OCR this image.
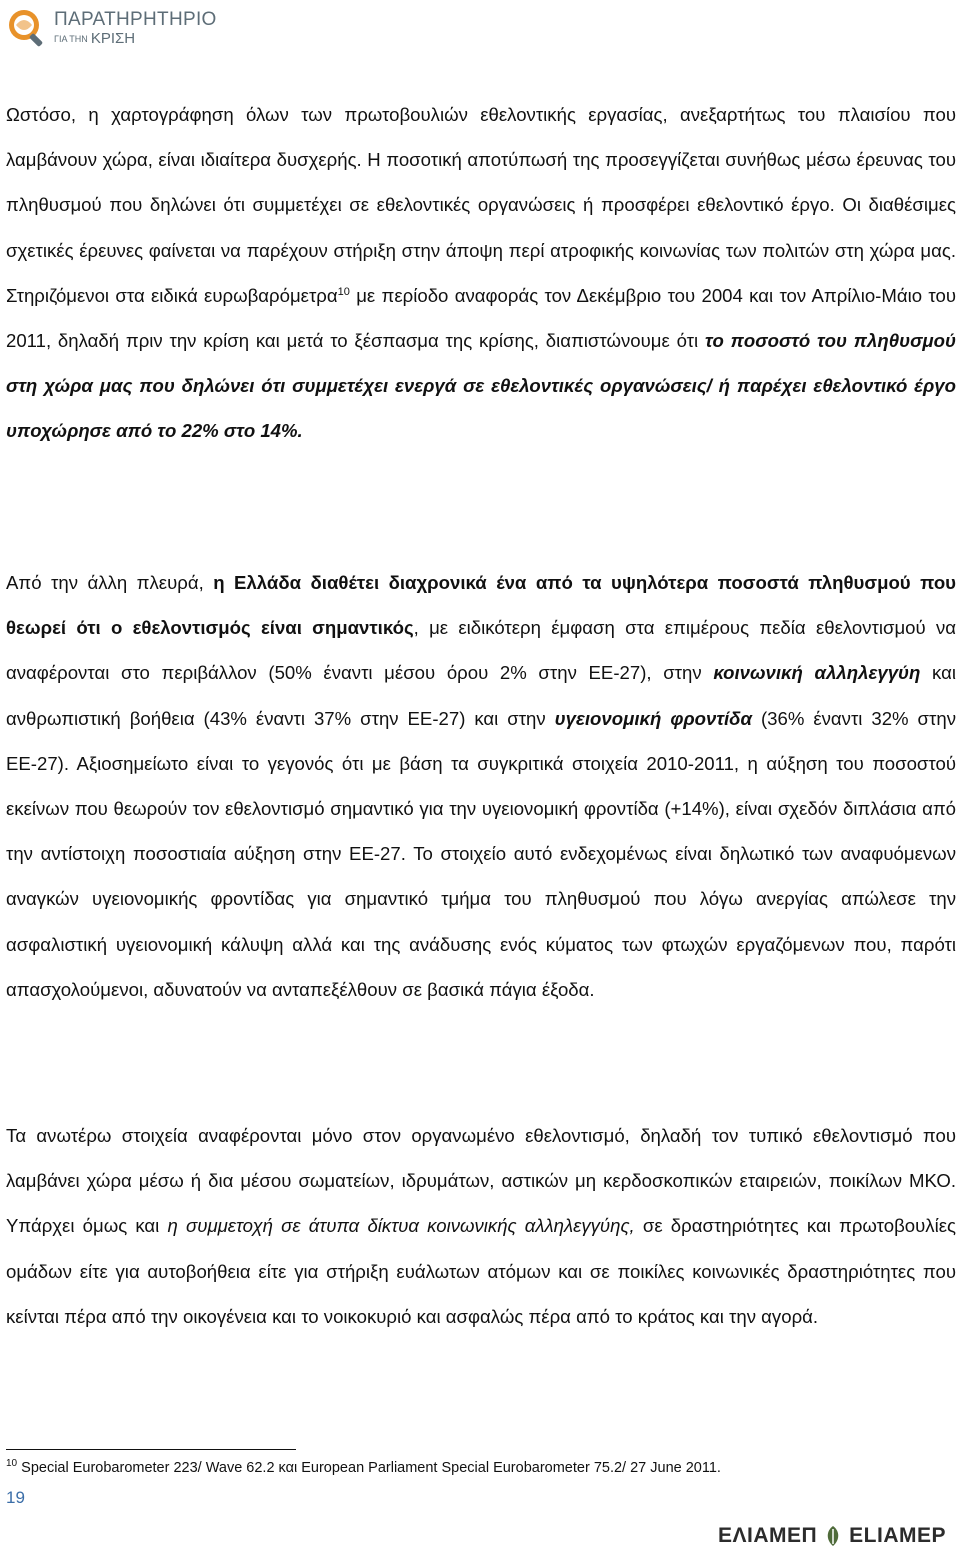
ΠΑΡΑΤΗΡΗΤΗΡΙΟ
ΓΙΑ ΤΗΝ ΚΡΙΣΗ

Ωστόσο, η χαρτογράφηση όλων των πρωτοβουλιών εθελοντικής εργασίας, ανεξαρτήτως του πλαισίου που λαμβάνουν χώρα, είναι ιδιαίτερα δυσχερής. Η ποσοτική αποτύπωσή της προσεγγίζεται συνήθως μέσω έρευνας του πληθυσμού που δηλώνει ότι συμμετέχει σε εθελοντικές οργανώσεις ή προσφέρει εθελοντικό έργο. Οι διαθέσιμες σχετικές έρευνες φαίνεται να παρέχουν στήριξη στην άποψη περί ατροφικής κοινωνίας των πολιτών στη χώρα μας. Στηριζόμενοι στα ειδικά ευρωβαρόμετρα$^{10}$ με περίοδο αναφοράς τον Δεκέμβριο του 2004 και τον Απρίλιο-Μάιο του 2011, δηλαδή πριν την κρίση και μετά το ξέσπασμα της κρίσης, διαπιστώνουμε ότι το ποσοστό του πληθυσμού στη χώρα μας που δηλώνει ότι συμμετέχει ενεργά σε εθελοντικές οργανώσεις/ ή παρέχει εθελοντικό έργο υποχώρησε από το 22% στο 14%.

Από την άλλη πλευρά, η Ελλάδα διαθέτει διαχρονικά ένα από τα υψηλότερα ποσοστά πληθυσμού που θεωρεί ότι ο εθελοντισμός είναι σημαντικός, με ειδικότερη έμφαση στα επιμέρους πεδία εθελοντισμού να αναφέρονται στο περιβάλλον (50% έναντι μέσου όρου 2% στην ΕΕ-27), στην κοινωνική αλληλεγγύη και ανθρωπιστική βοήθεια (43% έναντι 37% στην ΕΕ-27) και στην υγειονομική φροντίδα (36% έναντι 32% στην ΕΕ-27). Αξιοσημείωτο είναι το γεγονός ότι με βάση τα συγκριτικά στοιχεία 2010-2011, η αύξηση του ποσοστού εκείνων που θεωρούν τον εθελοντισμό σημαντικό για την υγειονομική φροντίδα (+14%), είναι σχεδόν διπλάσια από την αντίστοιχη ποσοστιαία αύξηση στην ΕΕ-27. Το στοιχείο αυτό ενδεχομένως είναι δηλωτικό των αναφυόμενων αναγκών υγειονομικής φροντίδας για σημαντικό τμήμα του πληθυσμού που λόγω ανεργίας απώλεσε την ασφαλιστική υγειονομική κάλυψη αλλά και της ανάδυσης ενός κύματος των φτωχών εργαζόμενων που, παρότι απασχολούμενοι, αδυνατούν να ανταπεξέλθουν σε βασικά πάγια έξοδα.

Τα ανωτέρω στοιχεία αναφέρονται μόνο στον οργανωμένο εθελοντισμό, δηλαδή τον τυπικό εθελοντισμό που λαμβάνει χώρα μέσω ή δια μέσου σωματείων, ιδρυμάτων, αστικών μη κερδοσκοπικών εταιρειών, ποικίλων ΜΚΟ. Υπάρχει όμως και η συμμετοχή σε άτυπα δίκτυα κοινωνικής αλληλεγγύης, σε δραστηριότητες και πρωτοβουλίες ομάδων είτε για αυτοβοήθεια είτε για στήριξη ευάλωτων ατόμων και σε ποικίλες κοινωνικές δραστηριότητες που κείνται πέρα από την οικογένεια και το νοικοκυριό και ασφαλώς πέρα από το κράτος και την αγορά.

$^{10}$ Special Eurobarometer 223/ Wave 62.2 και European Parliament Special Eurobarometer 75.2/ 27 June 2011.
19
ΕΛΙΑΜΕΠ ELIAMEP
